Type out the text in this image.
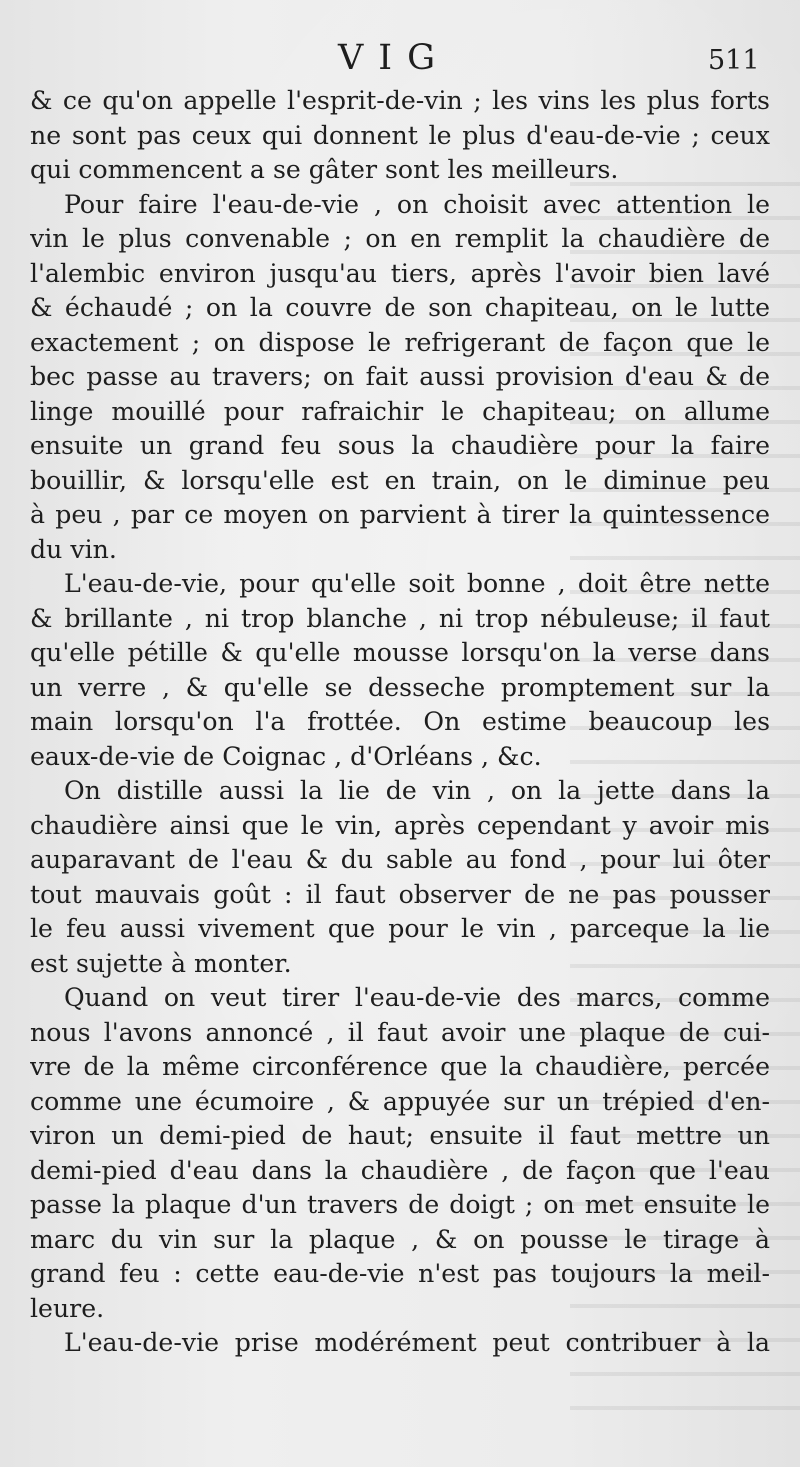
VIG	511
& ce qu'on appelle l'esprit-de-vin ; les vins les plus forts
ne sont pas ceux qui donnent le plus d'eau-de-vie ; ceux
qui commencent a se gâter sont les meilleurs.
Pour faire l'eau-de-vie , on choisit avec attention le
vin le plus convenable ; on en remplit la chaudière de
l'alembic environ jusqu'au tiers, après l'avoir bien lavé
& échaudé ; on la couvre de son chapiteau, on le lutte
exactement ; on dispose le refrigerant de façon que le
bec passe au travers; on fait aussi provision d'eau & de
linge mouillé pour rafraichir le chapiteau; on allume
ensuite un grand feu sous la chaudière pour la faire
bouillir, & lorsqu'elle est en train, on le diminue peu
à peu , par ce moyen on parvient à tirer la quintessence
du vin.
L'eau-de-vie, pour qu'elle soit bonne , doit être nette
& brillante , ni trop blanche , ni trop nébuleuse; il faut
qu'elle pétille & qu'elle mousse lorsqu'on la verse dans
un verre , & qu'elle se desseche promptement sur la
main lorsqu'on l'a frottée. On estime beaucoup les
eaux-de-vie de Coignac , d'Orléans , &c.
On distille aussi la lie de vin , on la jette dans la
chaudière ainsi que le vin, après cependant y avoir mis
auparavant de l'eau & du sable au fond , pour lui ôter
tout mauvais goût : il faut observer de ne pas pousser
le feu aussi vivement que pour le vin , parceque la lie
est sujette à monter.
Quand on veut tirer l'eau-de-vie des marcs, comme
nous l'avons annoncé , il faut avoir une plaque de cui-
vre de la même circonférence que la chaudière, percée
comme une écumoire , & appuyée sur un trépied d'en-
viron un demi-pied de haut; ensuite il faut mettre un
demi-pied d'eau dans la chaudière , de façon que l'eau
passe la plaque d'un travers de doigt ; on met ensuite le
marc du vin sur la plaque , & on pousse le tirage à
grand feu : cette eau-de-vie n'est pas toujours la meil-
leure.
L'eau-de-vie prise modérément peut contribuer à la
